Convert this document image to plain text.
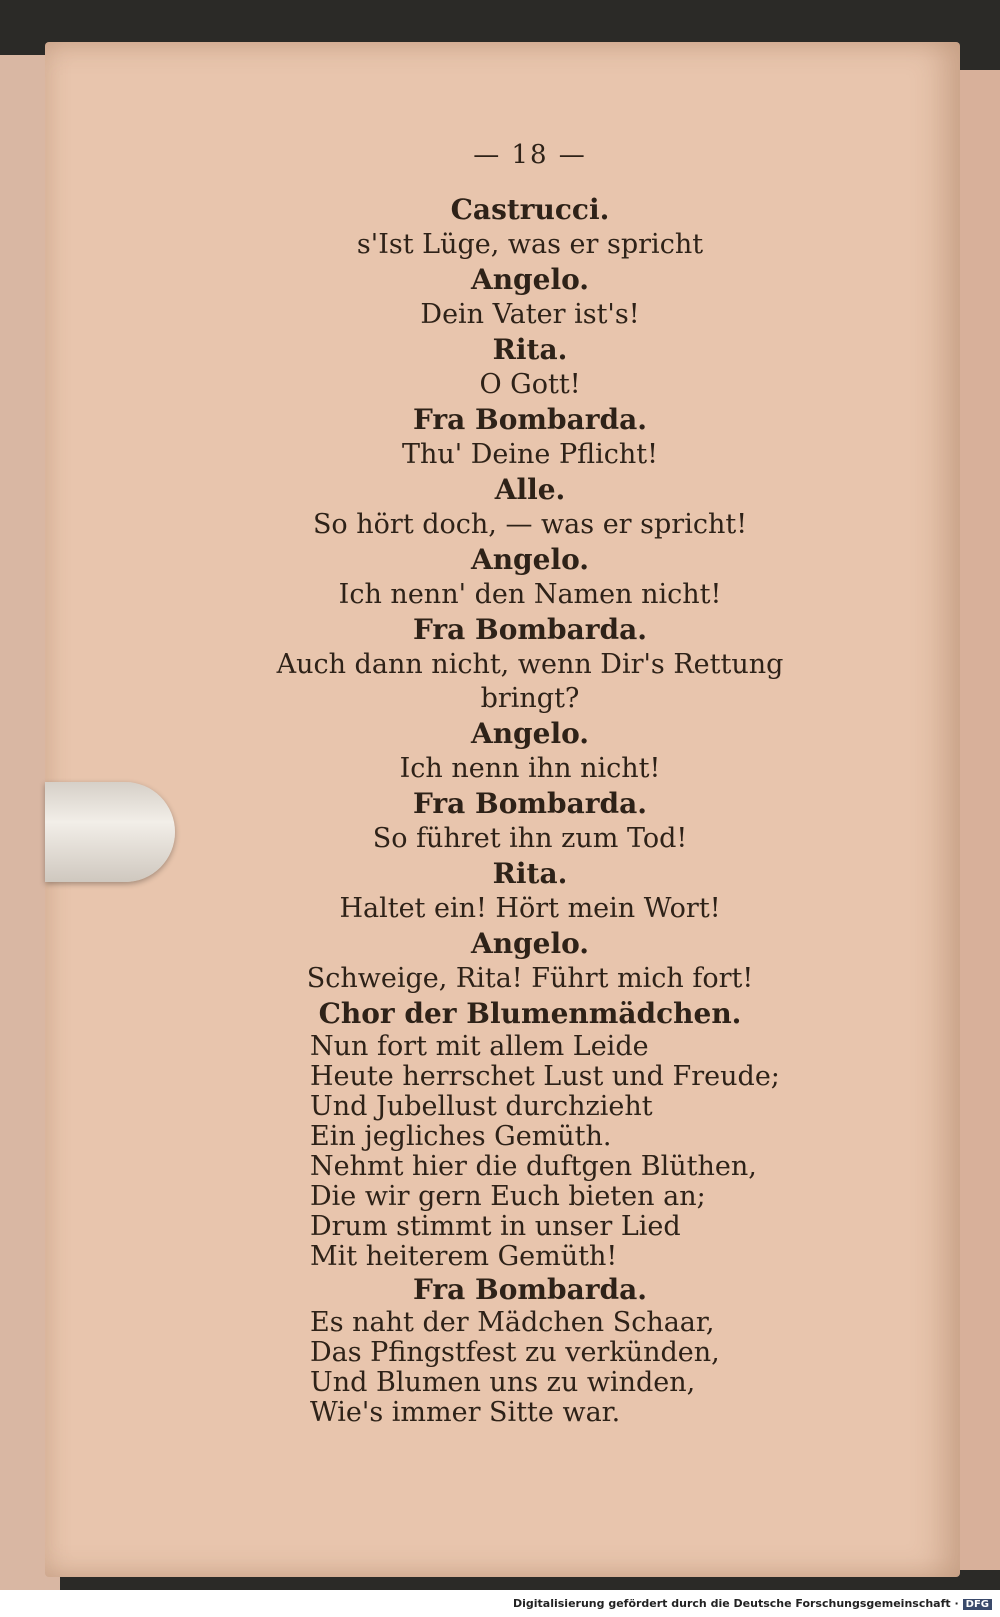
— 18 —
Castrucci.
s'Ist Lüge, was er spricht
Angelo.
Dein Vater ist's!
Rita.
O Gott!
Fra Bombarda.
Thu' Deine Pflicht!
Alle.
So hört doch, — was er spricht!
Angelo.
Ich nenn' den Namen nicht!
Fra Bombarda.
Auch dann nicht, wenn Dir's Rettung bringt?
Angelo.
Ich nenn ihn nicht!
Fra Bombarda.
So führet ihn zum Tod!
Rita.
Haltet ein! Hört mein Wort!
Angelo.
Schweige, Rita! Führt mich fort!
Chor der Blumenmädchen.
Nun fort mit allem Leide
Heute herrschet Lust und Freude;
Und Jubellust durchzieht
Ein jegliches Gemüth.
Nehmt hier die duftgen Blüthen,
Die wir gern Euch bieten an;
Drum stimmt in unser Lied
Mit heiterem Gemüth!
Fra Bombarda.
Es naht der Mädchen Schaar,
Das Pfingstfest zu verkünden,
Und Blumen uns zu winden,
Wie's immer Sitte war.
Digitalisierung gefördert durch die Deutsche Forschungsgemeinschaft · DFG
